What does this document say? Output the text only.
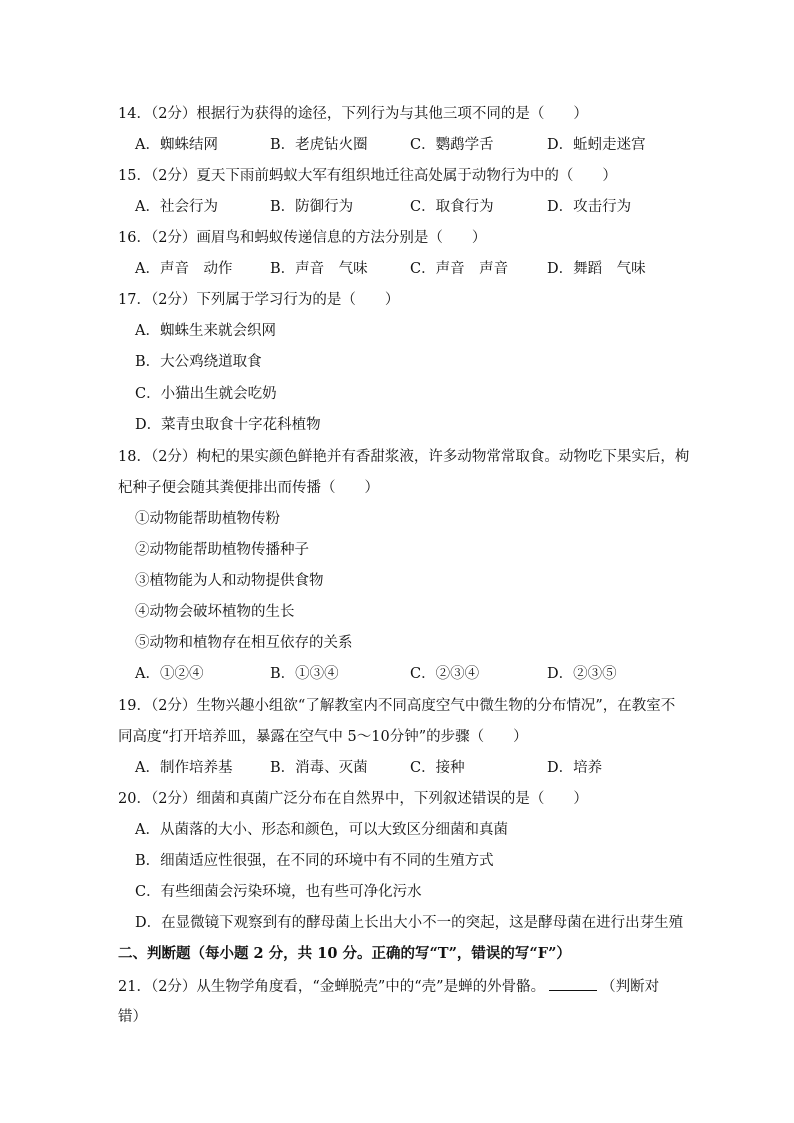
14．（2分）根据行为获得的途径，下列行为与其他三项不同的是（　　）
A．蜘蛛结网	B．老虎钻火圈	C．鹦鹉学舌	D．蚯蚓走迷宫
15．（2分）夏天下雨前蚂蚁大军有组织地迁往高处属于动物行为中的（　　）
A．社会行为	B．防御行为	C．取食行为	D．攻击行为
16．（2分）画眉鸟和蚂蚁传递信息的方法分别是（　　）
A．声音　动作	B．声音　气味	C．声音　声音	D．舞蹈　气味
17．（2分）下列属于学习行为的是（　　）
A．蜘蛛生来就会织网
B．大公鸡绕道取食
C．小猫出生就会吃奶
D．菜青虫取食十字花科植物
18．（2分）枸杞的果实颜色鲜艳并有香甜浆液，许多动物常常取食。动物吃下果实后，枸
杞种子便会随其粪便排出而传播（　　）
①动物能帮助植物传粉
②动物能帮助植物传播种子
③植物能为人和动物提供食物
④动物会破坏植物的生长
⑤动物和植物存在相互依存的关系
A．①②④	B．①③④	C．②③④	D．②③⑤
19．（2分）生物兴趣小组欲“了解教室内不同高度空气中微生物的分布情况”，在教室不
同高度“打开培养皿，暴露在空气中 5～10分钟”的步骤（　　）
A．制作培养基	B．消毒、灭菌	C．接种	D．培养
20．（2分）细菌和真菌广泛分布在自然界中，下列叙述错误的是（　　）
A．从菌落的大小、形态和颜色，可以大致区分细菌和真菌
B．细菌适应性很强，在不同的环境中有不同的生殖方式
C．有些细菌会污染环境，也有些可净化污水
D．在显微镜下观察到有的酵母菌上长出大小不一的突起，这是酵母菌在进行出芽生殖
二、判断题（每小题 2 分，共 10 分。正确的写“T”，错误的写“F”）
21．（2分）从生物学角度看，“金蝉脱壳”中的“壳”是蝉的外骨骼。	（判断对
错）
